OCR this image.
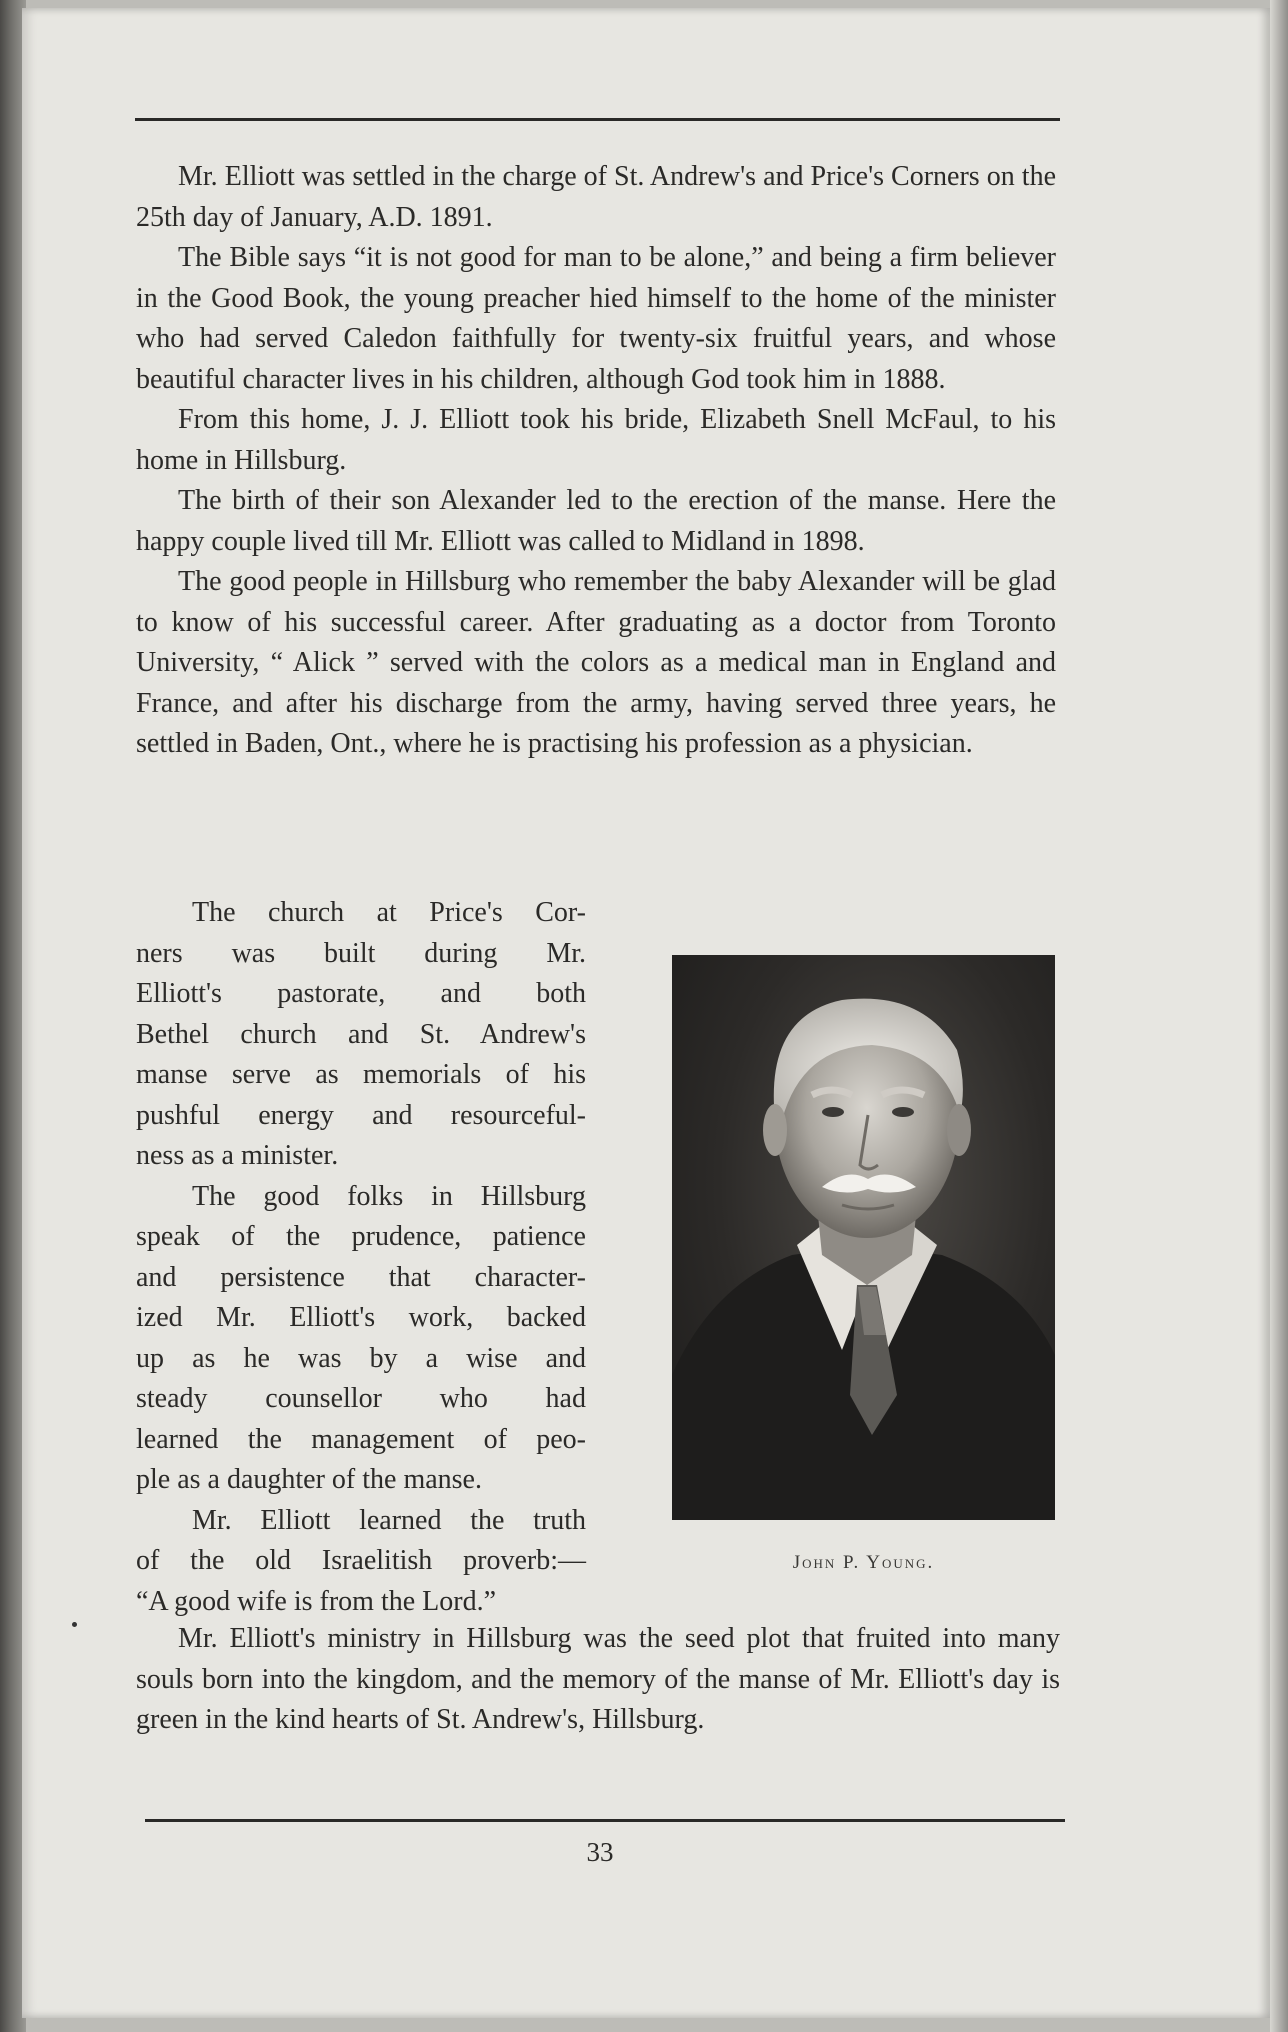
Mr. Elliott was settled in the charge of St. Andrew's and Price's Corners on the 25th day of January, A.D. 1891.

The Bible says “it is not good for man to be alone,” and being a firm believer in the Good Book, the young preacher hied himself to the home of the minister who had served Caledon faithfully for twenty-six fruitful years, and whose beautiful character lives in his children, although God took him in 1888.

From this home, J. J. Elliott took his bride, Elizabeth Snell McFaul, to his home in Hillsburg.

The birth of their son Alexander led to the erection of the manse. Here the happy couple lived till Mr. Elliott was called to Midland in 1898.

The good people in Hillsburg who remember the baby Alexander will be glad to know of his successful career. After graduating as a doctor from Toronto University, “ Alick ” served with the colors as a medical man in England and France, and after his discharge from the army, having served three years, he settled in Baden, Ont., where he is practising his profession as a physician.

The church at Price's Cor-

ners was built during Mr.

Elliott's pastorate, and both

Bethel church and St. Andrew's

manse serve as memorials of his

pushful energy and resourceful-

ness as a minister.

The good folks in Hillsburg

speak of the prudence, patience

and persistence that character-

ized Mr. Elliott's work, backed

up as he was by a wise and

steady counsellor who had

learned the management of peo-

ple as a daughter of the manse.

Mr. Elliott learned the truth

of the old Israelitish proverb:—

“A good wife is from the Lord.”

John P. Young.

Mr. Elliott's ministry in Hillsburg was the seed plot that fruited into many souls born into the kingdom, and the memory of the manse of Mr. Elliott's day is green in the kind hearts of St. Andrew's, Hillsburg.

33
